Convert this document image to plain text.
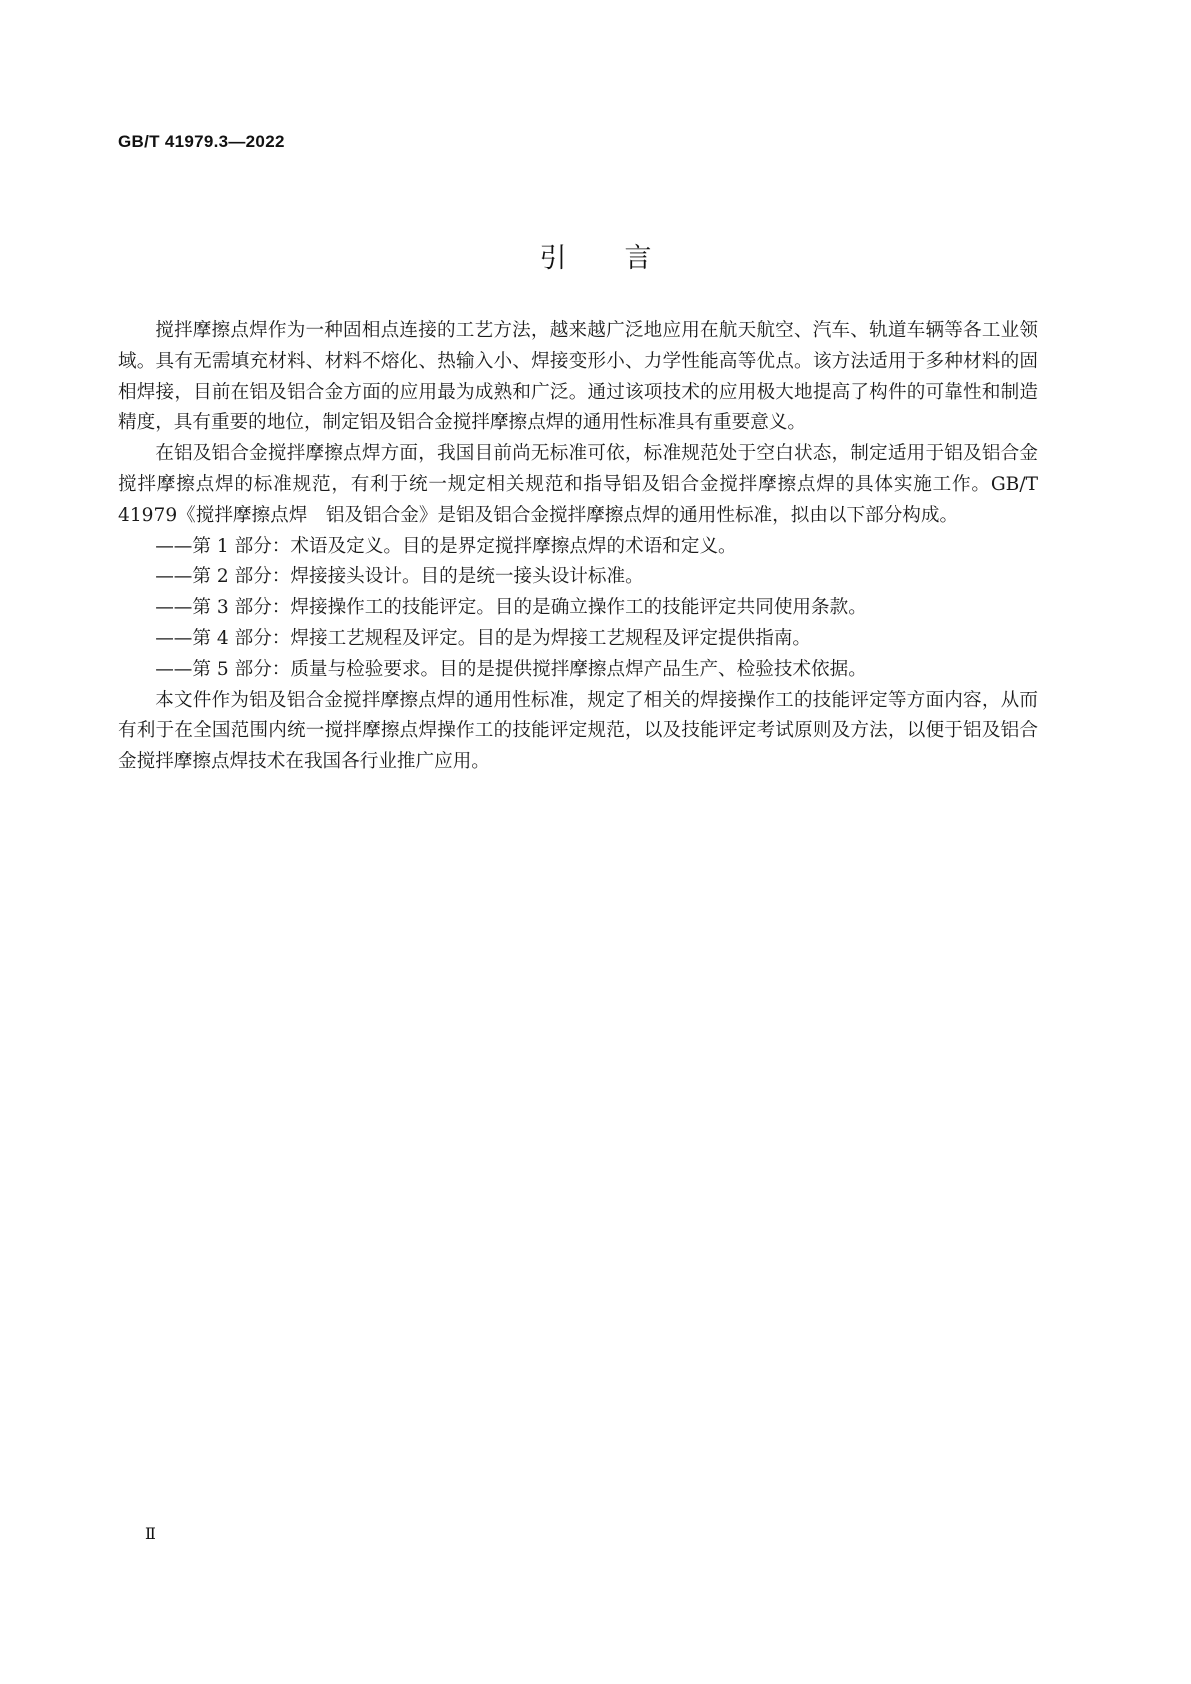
GB/T 41979.3—2022
引言

搅拌摩擦点焊作为一种固相点连接的工艺方法，越来越广泛地应用在航天航空、汽车、轨道车辆等各工业领域。具有无需填充材料、材料不熔化、热输入小、焊接变形小、力学性能高等优点。该方法适用于多种材料的固相焊接，目前在铝及铝合金方面的应用最为成熟和广泛。通过该项技术的应用极大地提高了构件的可靠性和制造精度，具有重要的地位，制定铝及铝合金搅拌摩擦点焊的通用性标准具有重要意义。

在铝及铝合金搅拌摩擦点焊方面，我国目前尚无标准可依，标准规范处于空白状态，制定适用于铝及铝合金搅拌摩擦点焊的标准规范，有利于统一规定相关规范和指导铝及铝合金搅拌摩擦点焊的具体实施工作。GB/T 41979《搅拌摩擦点焊　铝及铝合金》是铝及铝合金搅拌摩擦点焊的通用性标准，拟由以下部分构成。

——第 1 部分：术语及定义。目的是界定搅拌摩擦点焊的术语和定义。

——第 2 部分：焊接接头设计。目的是统一接头设计标准。

——第 3 部分：焊接操作工的技能评定。目的是确立操作工的技能评定共同使用条款。

——第 4 部分：焊接工艺规程及评定。目的是为焊接工艺规程及评定提供指南。

——第 5 部分：质量与检验要求。目的是提供搅拌摩擦点焊产品生产、检验技术依据。

本文件作为铝及铝合金搅拌摩擦点焊的通用性标准，规定了相关的焊接操作工的技能评定等方面内容，从而有利于在全国范围内统一搅拌摩擦点焊操作工的技能评定规范，以及技能评定考试原则及方法，以便于铝及铝合金搅拌摩擦点焊技术在我国各行业推广应用。

Ⅱ
